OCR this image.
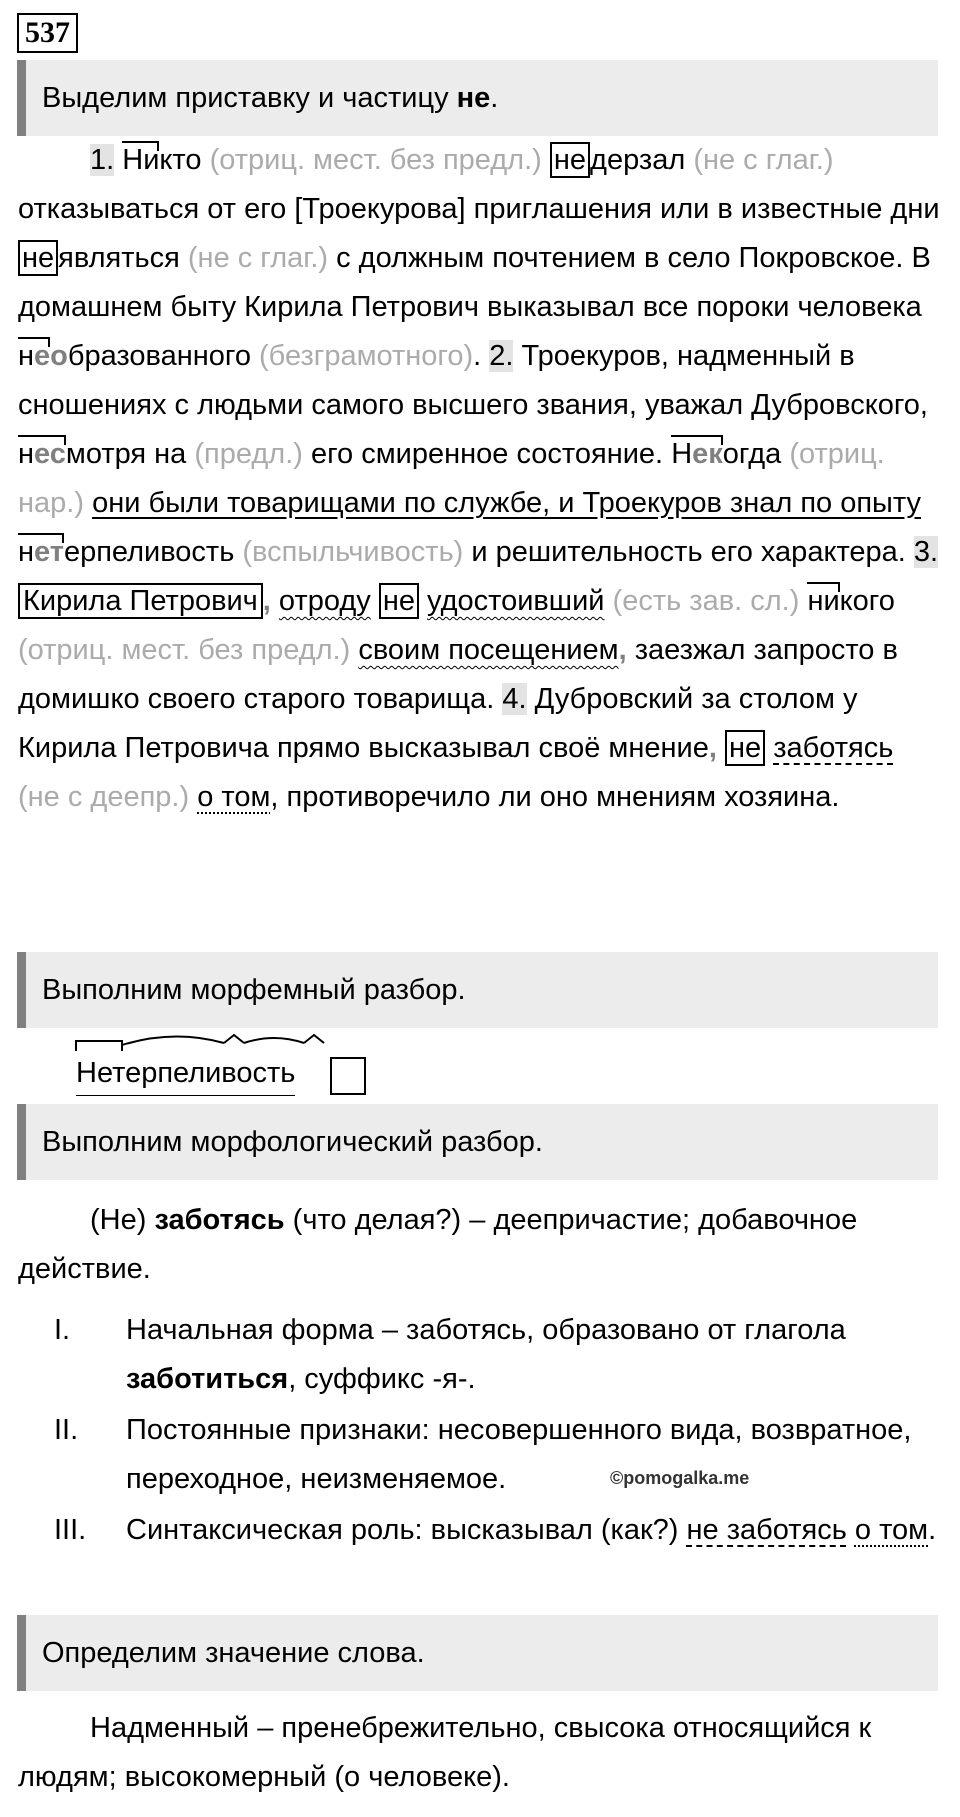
537
Выделим приставку и частицу не.

1. Никто (отриц. мест. без предл.) не дерзал (не с глаг.) отказываться от его [Троекурова] приглашения или в известные дни не являться (не с глаг.) с должным почтением в село Покровское. В домашнем быту Кирила Петрович выказывал все пороки человека необразованного (безграмотного). 2. Троекуров, надменный в сношениях с людьми самого высшего звания, уважал Дубровского, несмотря на (предл.) его смиренное состояние. Некогда (отриц. нар.) они были товарищами по службе, и Троекуров знал по опыту нетерпеливость (вспыльчивость) и решительность его характера. 3. Кирила Петрович , отроду не удостоивший (есть зав. сл.) никого (отриц. мест. без предл.) своим посещением, заезжал запросто в домишко своего старого товарища. 4. Дубровский за столом у Кирила Петровича прямо высказывал своё мнение, не заботясь (не с деепр.) о том, противоречило ли оно мнениям хозяина.

Выполним морфемный разбор.
Нетерпеливость
Выполним морфологический разбор.

(Не) заботясь (что делая?) – деепричастие; добавочное действие.

I. Начальная форма – заботясь, образовано от глагола заботиться, суффикс -я-.
II. Постоянные признаки: несовершенного вида, возвратное, переходное, неизменяемое.
III. Синтаксическая роль: высказывал (как?) не заботясь о том.
©pomogalka.me
Определим значение слова.

Надменный – пренебрежительно, свысока относящийся к людям; высокомерный (о человеке).
